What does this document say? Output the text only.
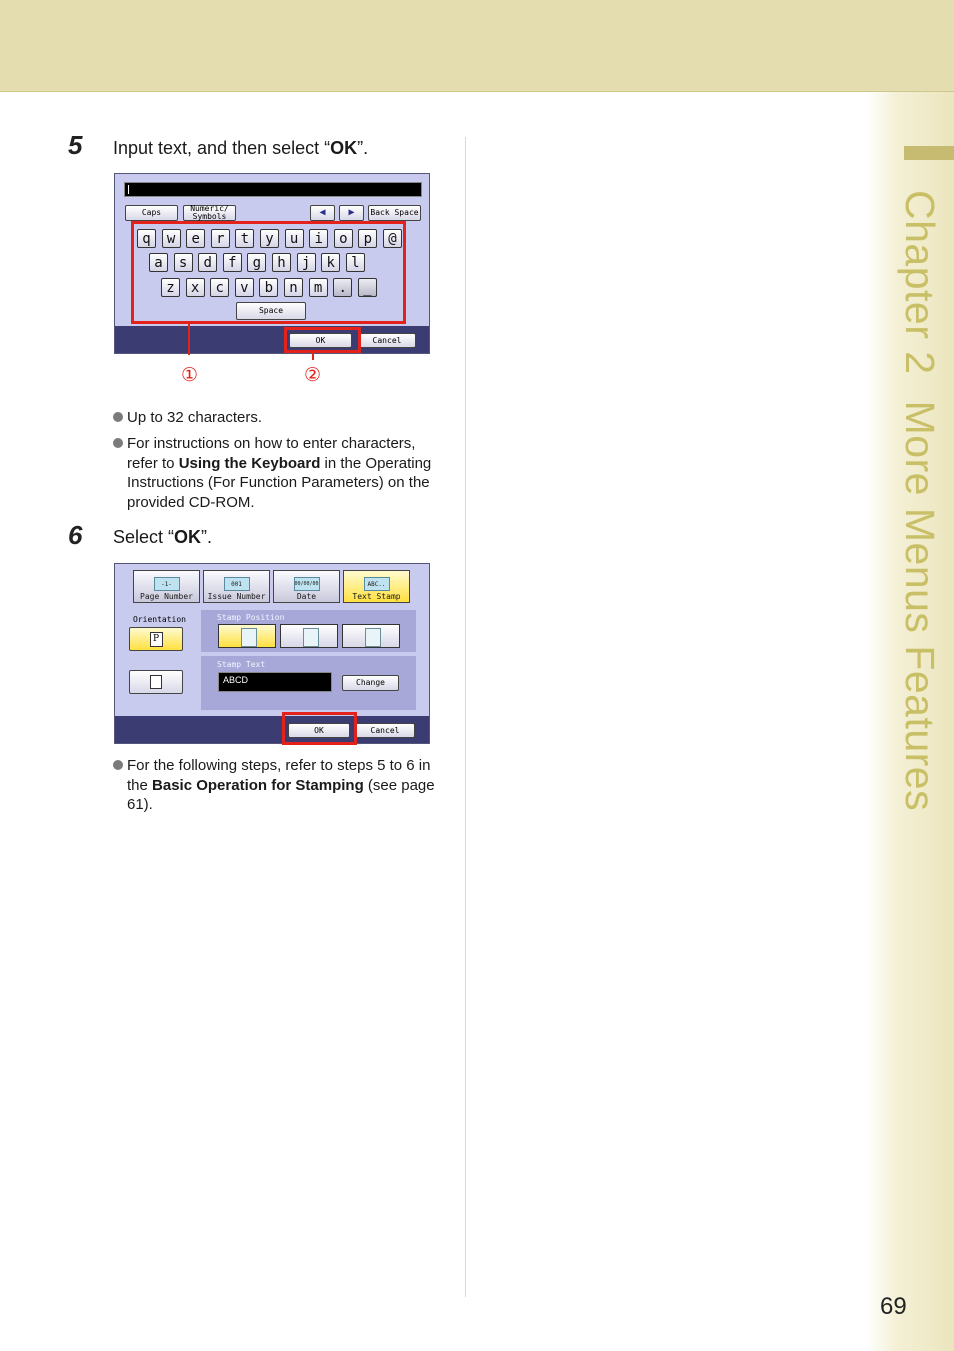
Chapter 2More Menus Features
5 Input text, and then select “OK”.
Caps	Numeric/
Symbols	◀	▶	Back Space
q	w	e	r	t	y	u	i	o	p	@
a	s	d	f	g	h	j	k	l
z	x	c	v	b	n	m	.	_
Space
OK	Cancel
①	②
Up to 32 characters.
For instructions on how to enter characters, refer to Using the Keyboard in the Operating Instructions (For Function Parameters) on the provided CD-ROM.
6 Select “OK”.
-1-
Page Number
001
Issue Number
00/00/00
Date
ABC..
Text Stamp
Orientation
P
Stamp Position
Stamp Text
ABCD	Change
OK	Cancel
For the following steps, refer to steps 5 to 6 in the Basic Operation for Stamping (see page 61).
69
